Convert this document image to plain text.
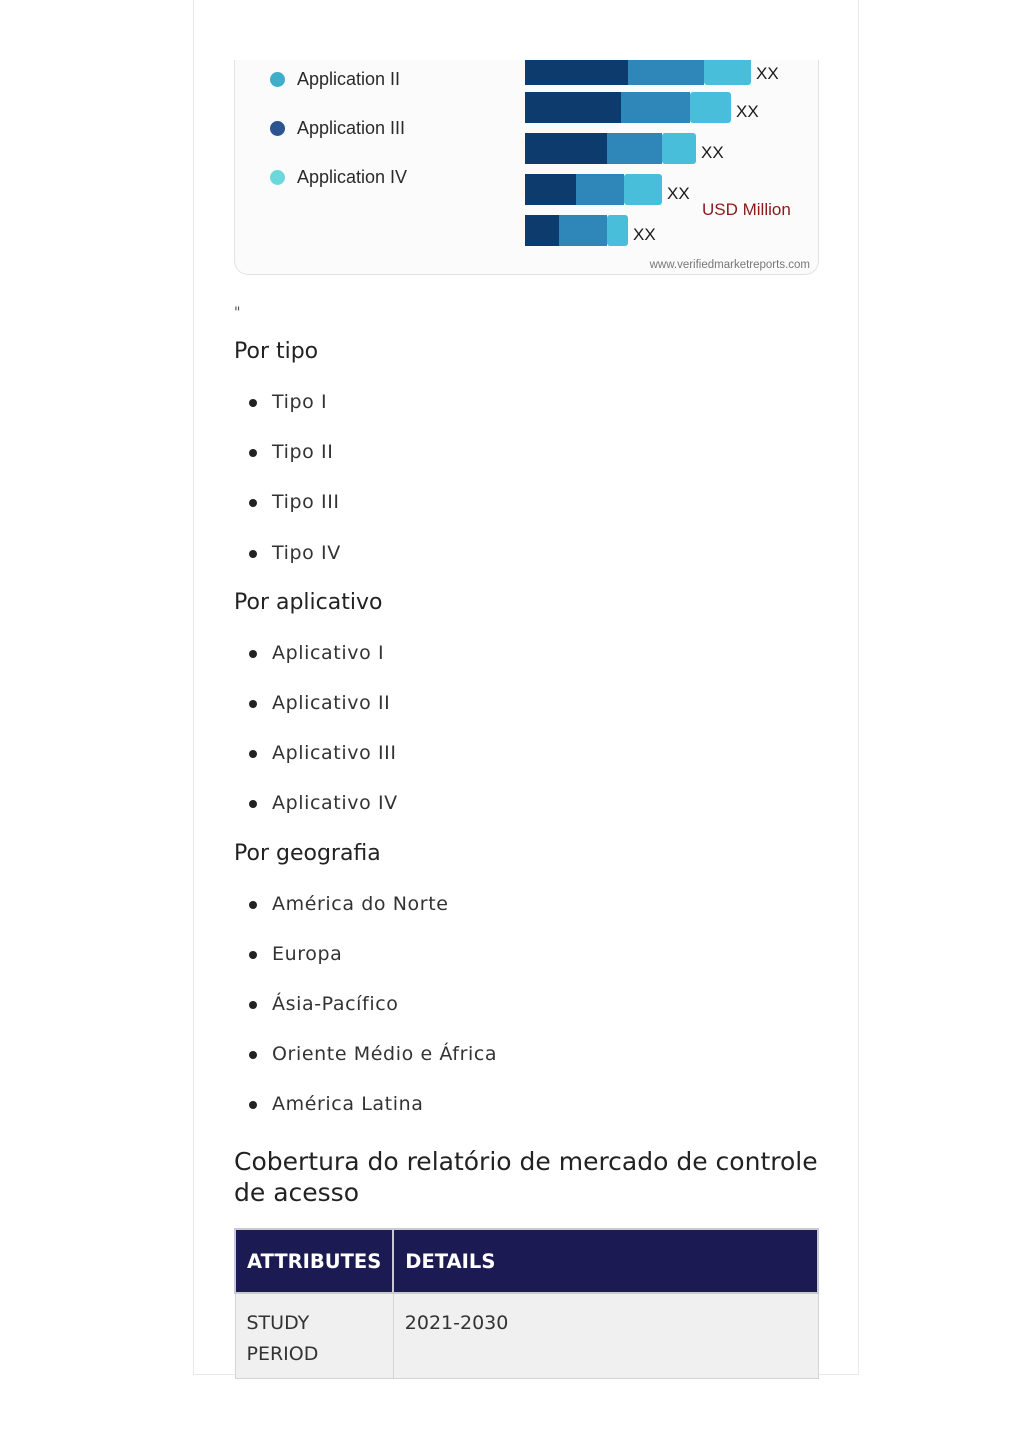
Application II
Application III
Application IV
XX
XX
XX
XX
XX
USD Million
www.verifiedmarketreports.com
"
Por tipo
Tipo I
Tipo II
Tipo III
Tipo IV
Por aplicativo
Aplicativo I
Aplicativo II
Aplicativo III
Aplicativo IV
Por geografia
América do Norte
Europa
Ásia-Pacífico
Oriente Médio e África
América Latina
Cobertura do relatório de mercado de controle de acesso
ATTRIBUTES	DETAILS
STUDY PERIOD	2021-2030
